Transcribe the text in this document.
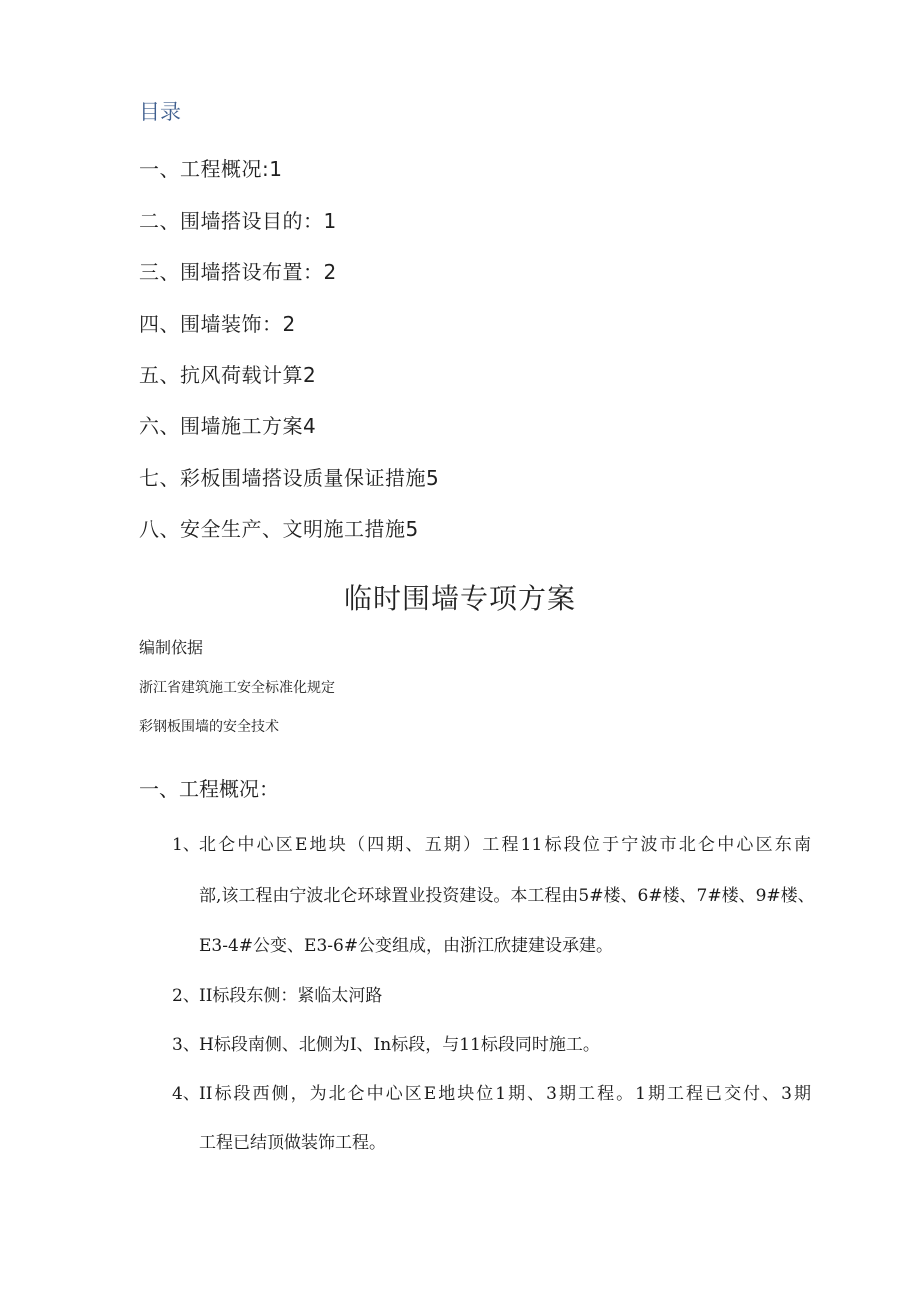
目录
一、工程概况:1
二、围墙搭设目的：1
三、围墙搭设布置：2
四、围墙装饰：2
五、抗风荷载计算2
六、围墙施工方案4
七、彩板围墙搭设质量保证措施5
八、安全生产、文明施工措施5
临时围墙专项方案
编制依据
浙江省建筑施工安全标准化规定
彩钢板围墙的安全技术
一、工程概况：
1、 北仑中心区E地块（四期、五期）工程11标段位于宁波市北仑中心区东南
部,该工程由宁波北仑环球置业投资建设。本工程由5#楼、6#楼、7#楼、9#楼、
E3-4#公变、E3-6#公变组成，由浙江欣捷建设承建。
2、 II标段东侧：紧临太河路
3、 H标段南侧、北侧为I、In标段，与11标段同时施工。
4、 II标段西侧，为北仑中心区E地块位1期、3期工程。1期工程已交付、3期
工程已结顶做装饰工程。
